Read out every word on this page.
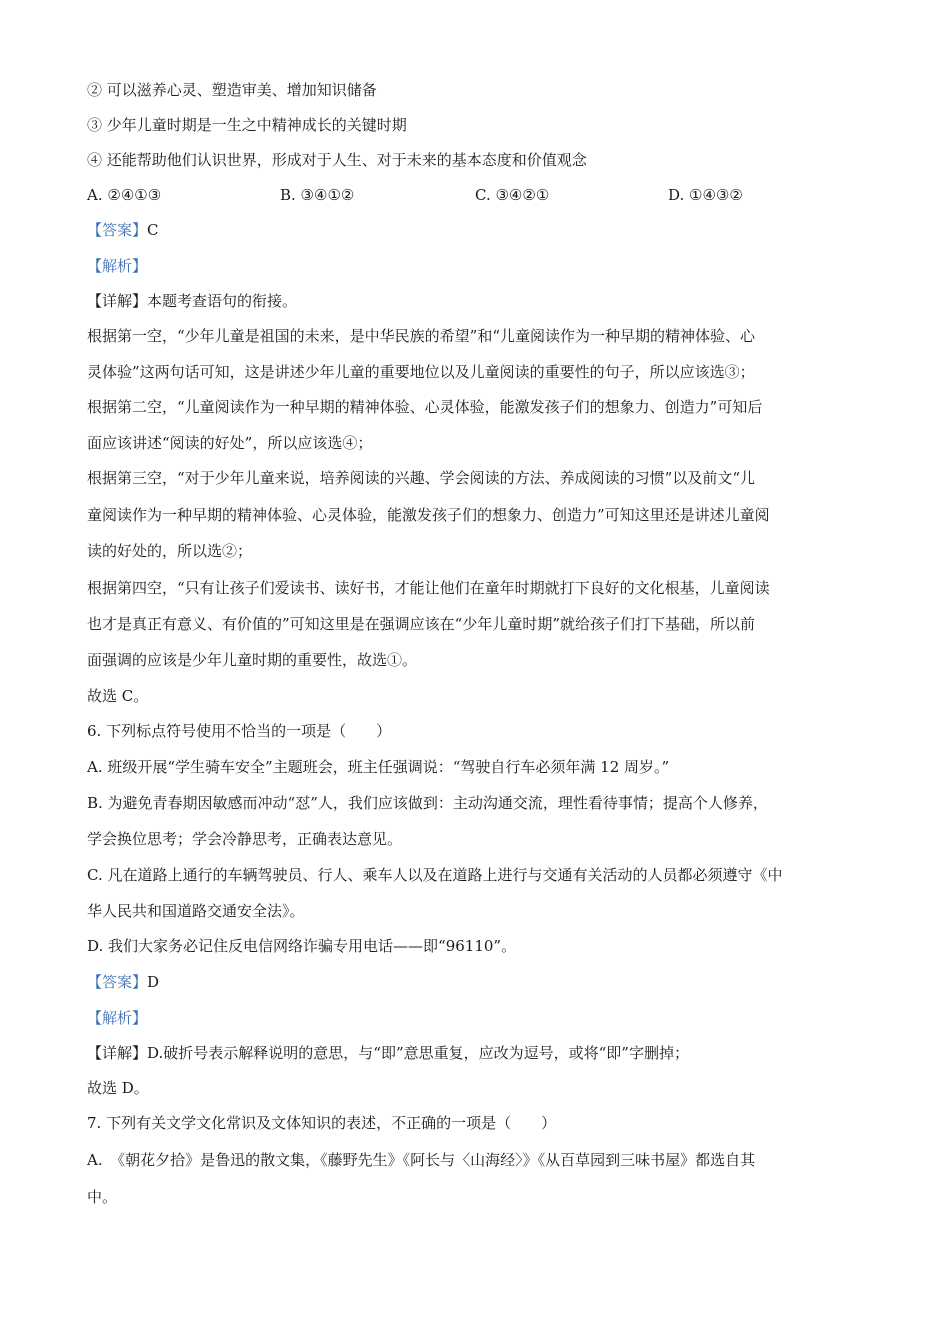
② 可以滋养心灵、塑造审美、增加知识储备
③ 少年儿童时期是一生之中精神成长的关键时期
④ 还能帮助他们认识世界，形成对于人生、对于未来的基本态度和价值观念
A. ②④①③	B. ③④①②	C. ③④②①	D. ①④③②
【答案】C
【解析】
【详解】本题考查语句的衔接。
根据第一空，“少年儿童是祖国的未来，是中华民族的希望”和“儿童阅读作为一种早期的精神体验、心
灵体验”这两句话可知，这是讲述少年儿童的重要地位以及儿童阅读的重要性的句子，所以应该选③；
根据第二空，“儿童阅读作为一种早期的精神体验、心灵体验，能激发孩子们的想象力、创造力”可知后
面应该讲述“阅读的好处”，所以应该选④；
根据第三空，“对于少年儿童来说，培养阅读的兴趣、学会阅读的方法、养成阅读的习惯”以及前文“儿
童阅读作为一种早期的精神体验、心灵体验，能激发孩子们的想象力、创造力”可知这里还是讲述儿童阅
读的好处的，所以选②；
根据第四空，“只有让孩子们爱读书、读好书，才能让他们在童年时期就打下良好的文化根基，儿童阅读
也才是真正有意义、有价值的”可知这里是在强调应该在“少年儿童时期”就给孩子们打下基础，所以前
面强调的应该是少年儿童时期的重要性，故选①。
故选 C。
6. 下列标点符号使用不恰当的一项是（　　）
A. 班级开展“学生骑车安全”主题班会，班主任强调说：“驾驶自行车必须年满 12 周岁。”
B. 为避免青春期因敏感而冲动“怼”人，我们应该做到：主动沟通交流，理性看待事情；提高个人修养，
学会换位思考；学会冷静思考，正确表达意见。
C. 凡在道路上通行的车辆驾驶员、行人、乘车人以及在道路上进行与交通有关活动的人员都必须遵守《中
华人民共和国道路交通安全法》。
D. 我们大家务必记住反电信网络诈骗专用电话——即“96110”。
【答案】D
【解析】
【详解】D.破折号表示解释说明的意思，与“即”意思重复，应改为逗号，或将“即”字删掉；
故选 D。
7. 下列有关文学文化常识及文体知识的表述，不正确的一项是（　　）
A.　《朝花夕拾》是鲁迅的散文集，《藤野先生》《阿长与〈山海经〉》《从百草园到三味书屋》都选自其
中。
